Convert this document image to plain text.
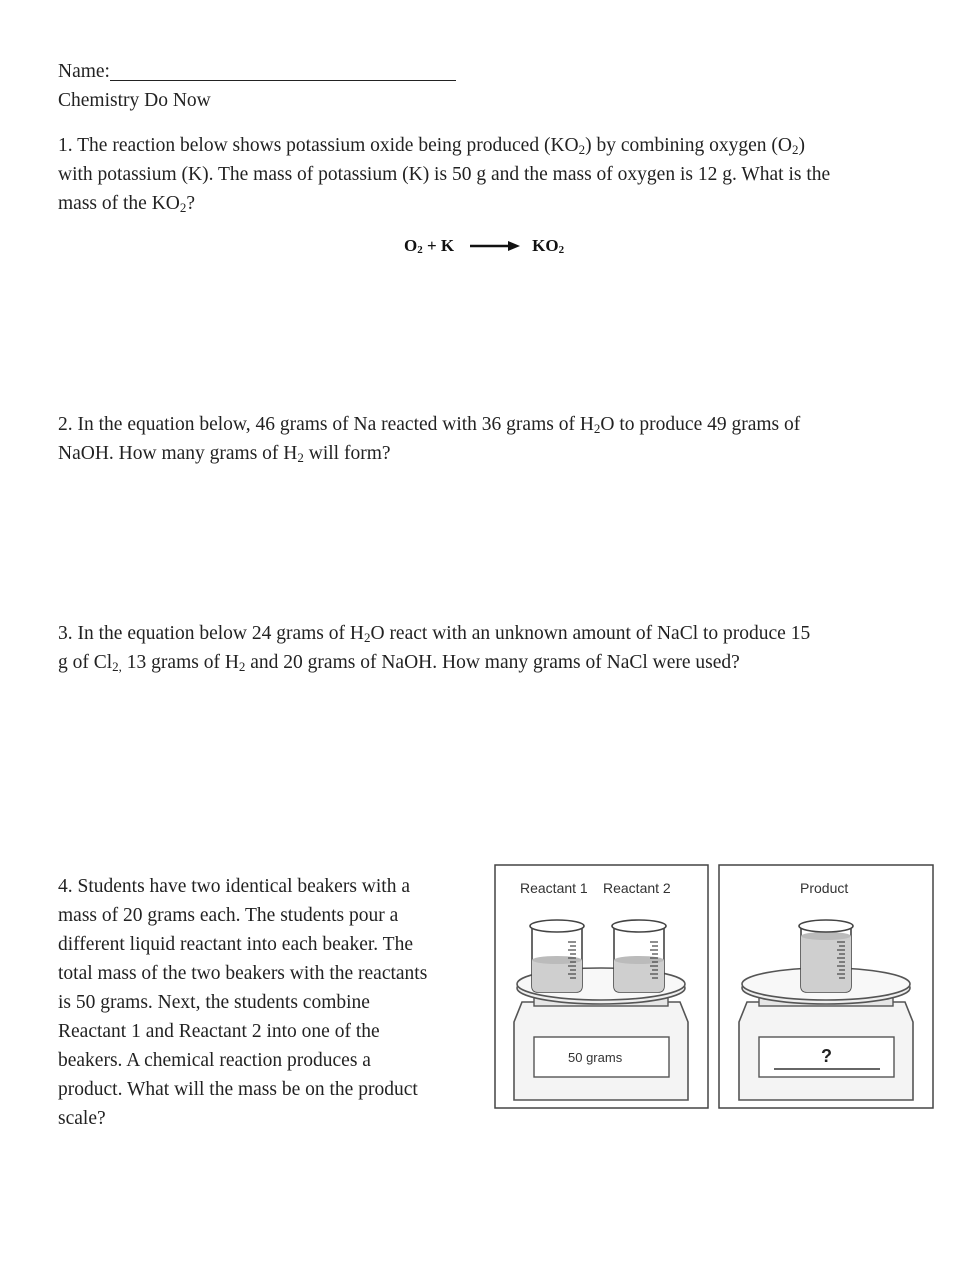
Name:
Chemistry Do Now
1. The reaction below shows potassium oxide being produced $(KO_2)$ by combining oxygen $(O_2)$
with potassium (K). The mass of potassium (K) is 50 g and the mass of oxygen is 12 g. What is the
mass of the $KO_2$?
O2 + K → KO2
2. In the equation below, 46 grams of Na reacted with 36 grams of $H_2O$ to produce 49 grams of
NaOH. How many grams of $H_2$ will form?
3. In the equation below 24 grams of $H_2O$ react with an unknown amount of NaCl to produce 15
g of $Cl_{2,}$ 13 grams of $H_2$ and 20 grams of NaOH. How many grams of NaCl were used?
4. Students have two identical beakers with a
mass of 20 grams each. The students pour a
different liquid reactant into each beaker. The
total mass of the two beakers with the reactants
is 50 grams. Next, the students combine
Reactant 1 and Reactant 2 into one of the
beakers. A chemical reaction produces a
product. What will the mass be on the product
scale?
Reactant 1 Reactant 2
50 grams
Product
?
